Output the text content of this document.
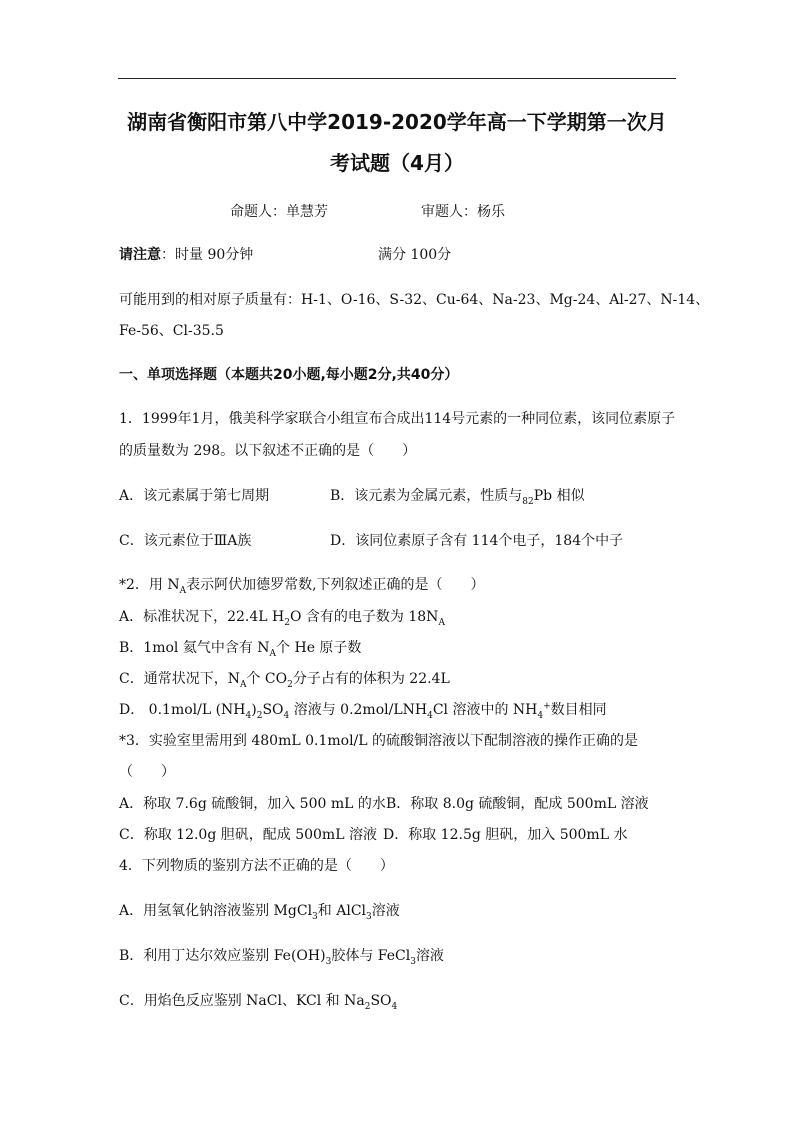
湖南省衡阳市第八中学2019-2020学年高一下学期第一次月
考试题（4月）
命题人：单慧芳	审题人：杨乐
请注意：时量 90分钟	满分 100分
可能用到的相对原子质量有：H-1、O-16、S-32、Cu-64、Na-23、Mg-24、Al-27、N-14、
Fe-56、Cl-35.5
一、单项选择题（本题共20小题,每小题2分,共40分）
1．1999年1月，俄美科学家联合小组宣布合成出114号元素的一种同位素，该同位素原子
的质量数为 298。以下叙述不正确的是（　　）
A．该元素属于第七周期	B．该元素为金属元素，性质与$_{82}$Pb 相似
C．该元素位于ⅢA族	D．该同位素原子含有 114个电子，184个中子
*2．用 $N_A$表示阿伏加德罗常数,下列叙述正确的是（　　）
A．标准状况下，22.4L $H_2O$ 含有的电子数为 $18N_A$
B．1mol 氦气中含有 $N_A$个 He 原子数
C．通常状况下，$N_A$个 $CO_2$分子占有的体积为 22.4L
D． 0.1mol/L $(NH_4)_2SO_4$ 溶液与 $0.2mol/LNH_4Cl$ 溶液中的 $NH_4^+$数目相同
*3．实验室里需用到 480mL 0.1mol/L 的硫酸铜溶液以下配制溶液的操作正确的是
（　　）
A．称取 7.6g 硫酸铜，加入 500 mL 的水 B．称取 8.0g 硫酸铜，配成 500mL 溶液
C．称取 12.0g 胆矾，配成 500mL 溶液 D．称取 12.5g 胆矾，加入 500mL 水
4．下列物质的鉴别方法不正确的是（　　）
A．用氢氧化钠溶液鉴别 MgCl$_3$和 AlCl$_3$溶液
B．利用丁达尔效应鉴别 $Fe(OH)_3$胶体与 FeCl$_3$溶液
C．用焰色反应鉴别 NaCl、KCl 和 $Na_2SO_4$
